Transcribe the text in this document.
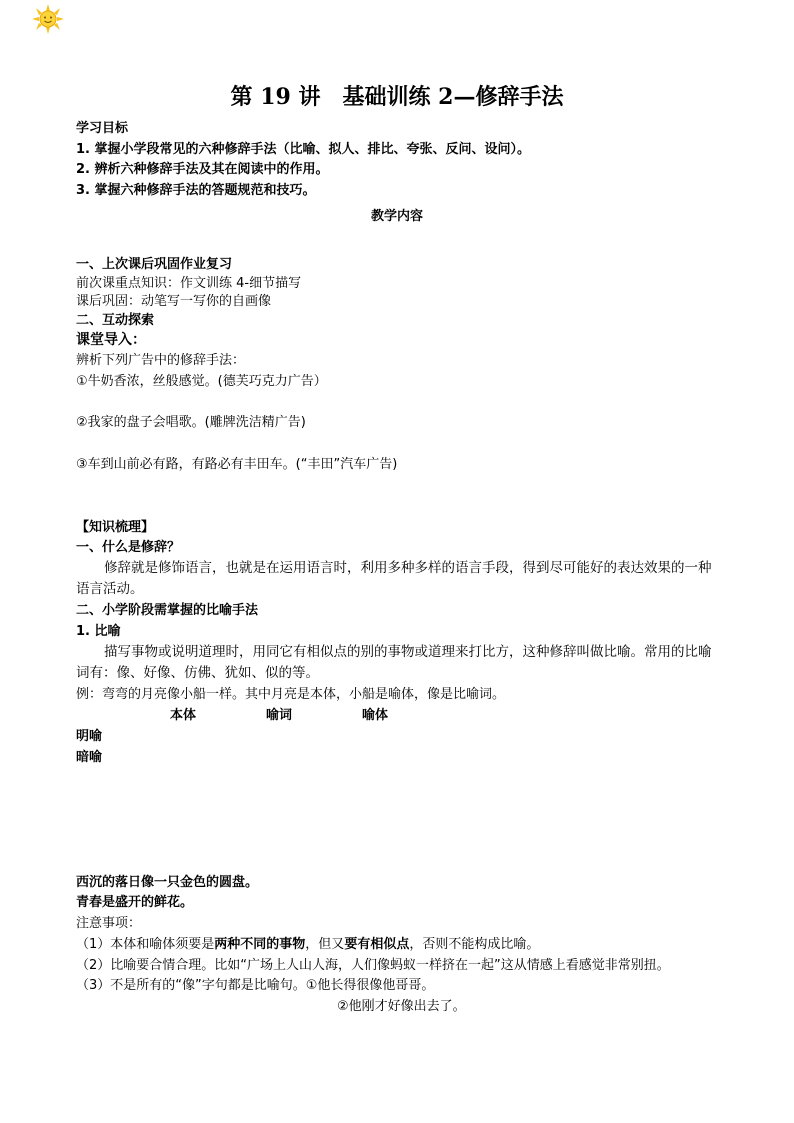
第 19 讲　基础训练 2—修辞手法
学习目标
1. 掌握小学段常见的六种修辞手法（比喻、拟人、排比、夸张、反问、设问）。
2. 辨析六种修辞手法及其在阅读中的作用。
3. 掌握六种修辞手法的答题规范和技巧。
教学内容
一、上次课后巩固作业复习
前次课重点知识：作文训练 4-细节描写
课后巩固：动笔写一写你的自画像
二、互动探索
课堂导入：
辨析下列广告中的修辞手法：
①牛奶香浓，丝般感觉。(德芙巧克力广告）
②我家的盘子会唱歌。(雕牌洗洁精广告)
③车到山前必有路，有路必有丰田车。(“丰田”汽车广告)
【知识梳理】
一、什么是修辞？
修辞就是修饰语言，也就是在运用语言时，利用多种多样的语言手段，得到尽可能好的表达效果的一种语言活动。
二、小学阶段需掌握的比喻手法
1. 比喻
描写事物或说明道理时，用同它有相似点的别的事物或道理来打比方，这种修辞叫做比喻。常用的比喻词有：像、好像、仿佛、犹如、似的等。
例：弯弯的月亮像小船一样。其中月亮是本体，小船是喻体，像是比喻词。
本体	喻词	喻体
明喻
暗喻
西沉的落日像一只金色的圆盘。
青春是盛开的鲜花。
注意事项：
（1）本体和喻体须要是两种不同的事物，但又要有相似点，否则不能构成比喻。
（2）比喻要合情合理。比如“广场上人山人海，人们像蚂蚁一样挤在一起”这从情感上看感觉非常别扭。
（3）不是所有的“像”字句都是比喻句。①他长得很像他哥哥。
②他刚才好像出去了。
